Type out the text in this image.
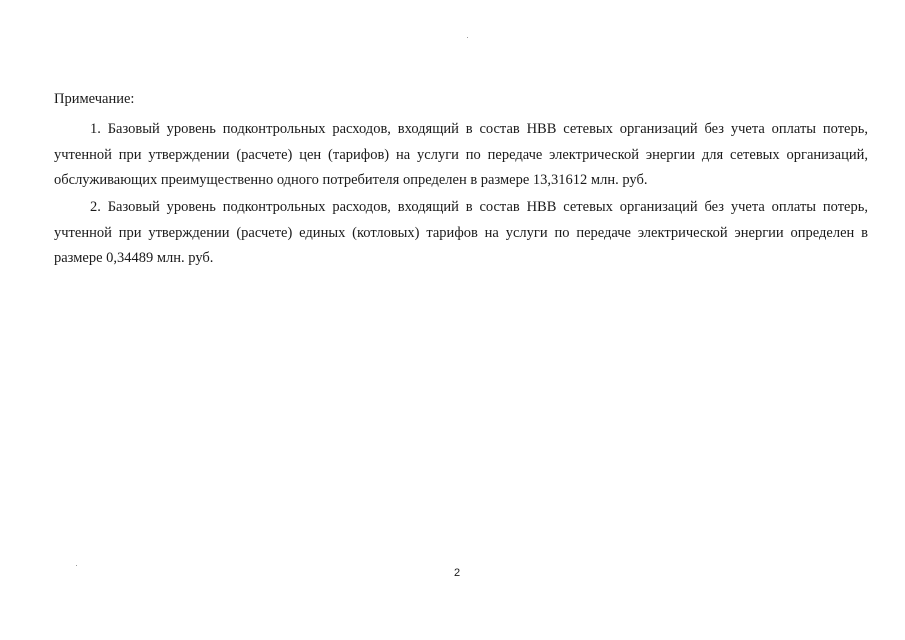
Примечание:

1. Базовый уровень подконтрольных расходов, входящий в состав НВВ сетевых организаций без учета оплаты потерь, учтенной при утверждении (расчете) цен (тарифов) на услуги по передаче электрической энергии для сетевых организаций, обслуживающих преимущественно одного потребителя определен в размере 13,31612 млн. руб.

2. Базовый уровень подконтрольных расходов, входящий в состав НВВ сетевых организаций без учета оплаты потерь, учтенной при утверждении (расчете) единых (котловых) тарифов на услуги по передаче электрической энергии определен в размере 0,34489 млн. руб.

2
